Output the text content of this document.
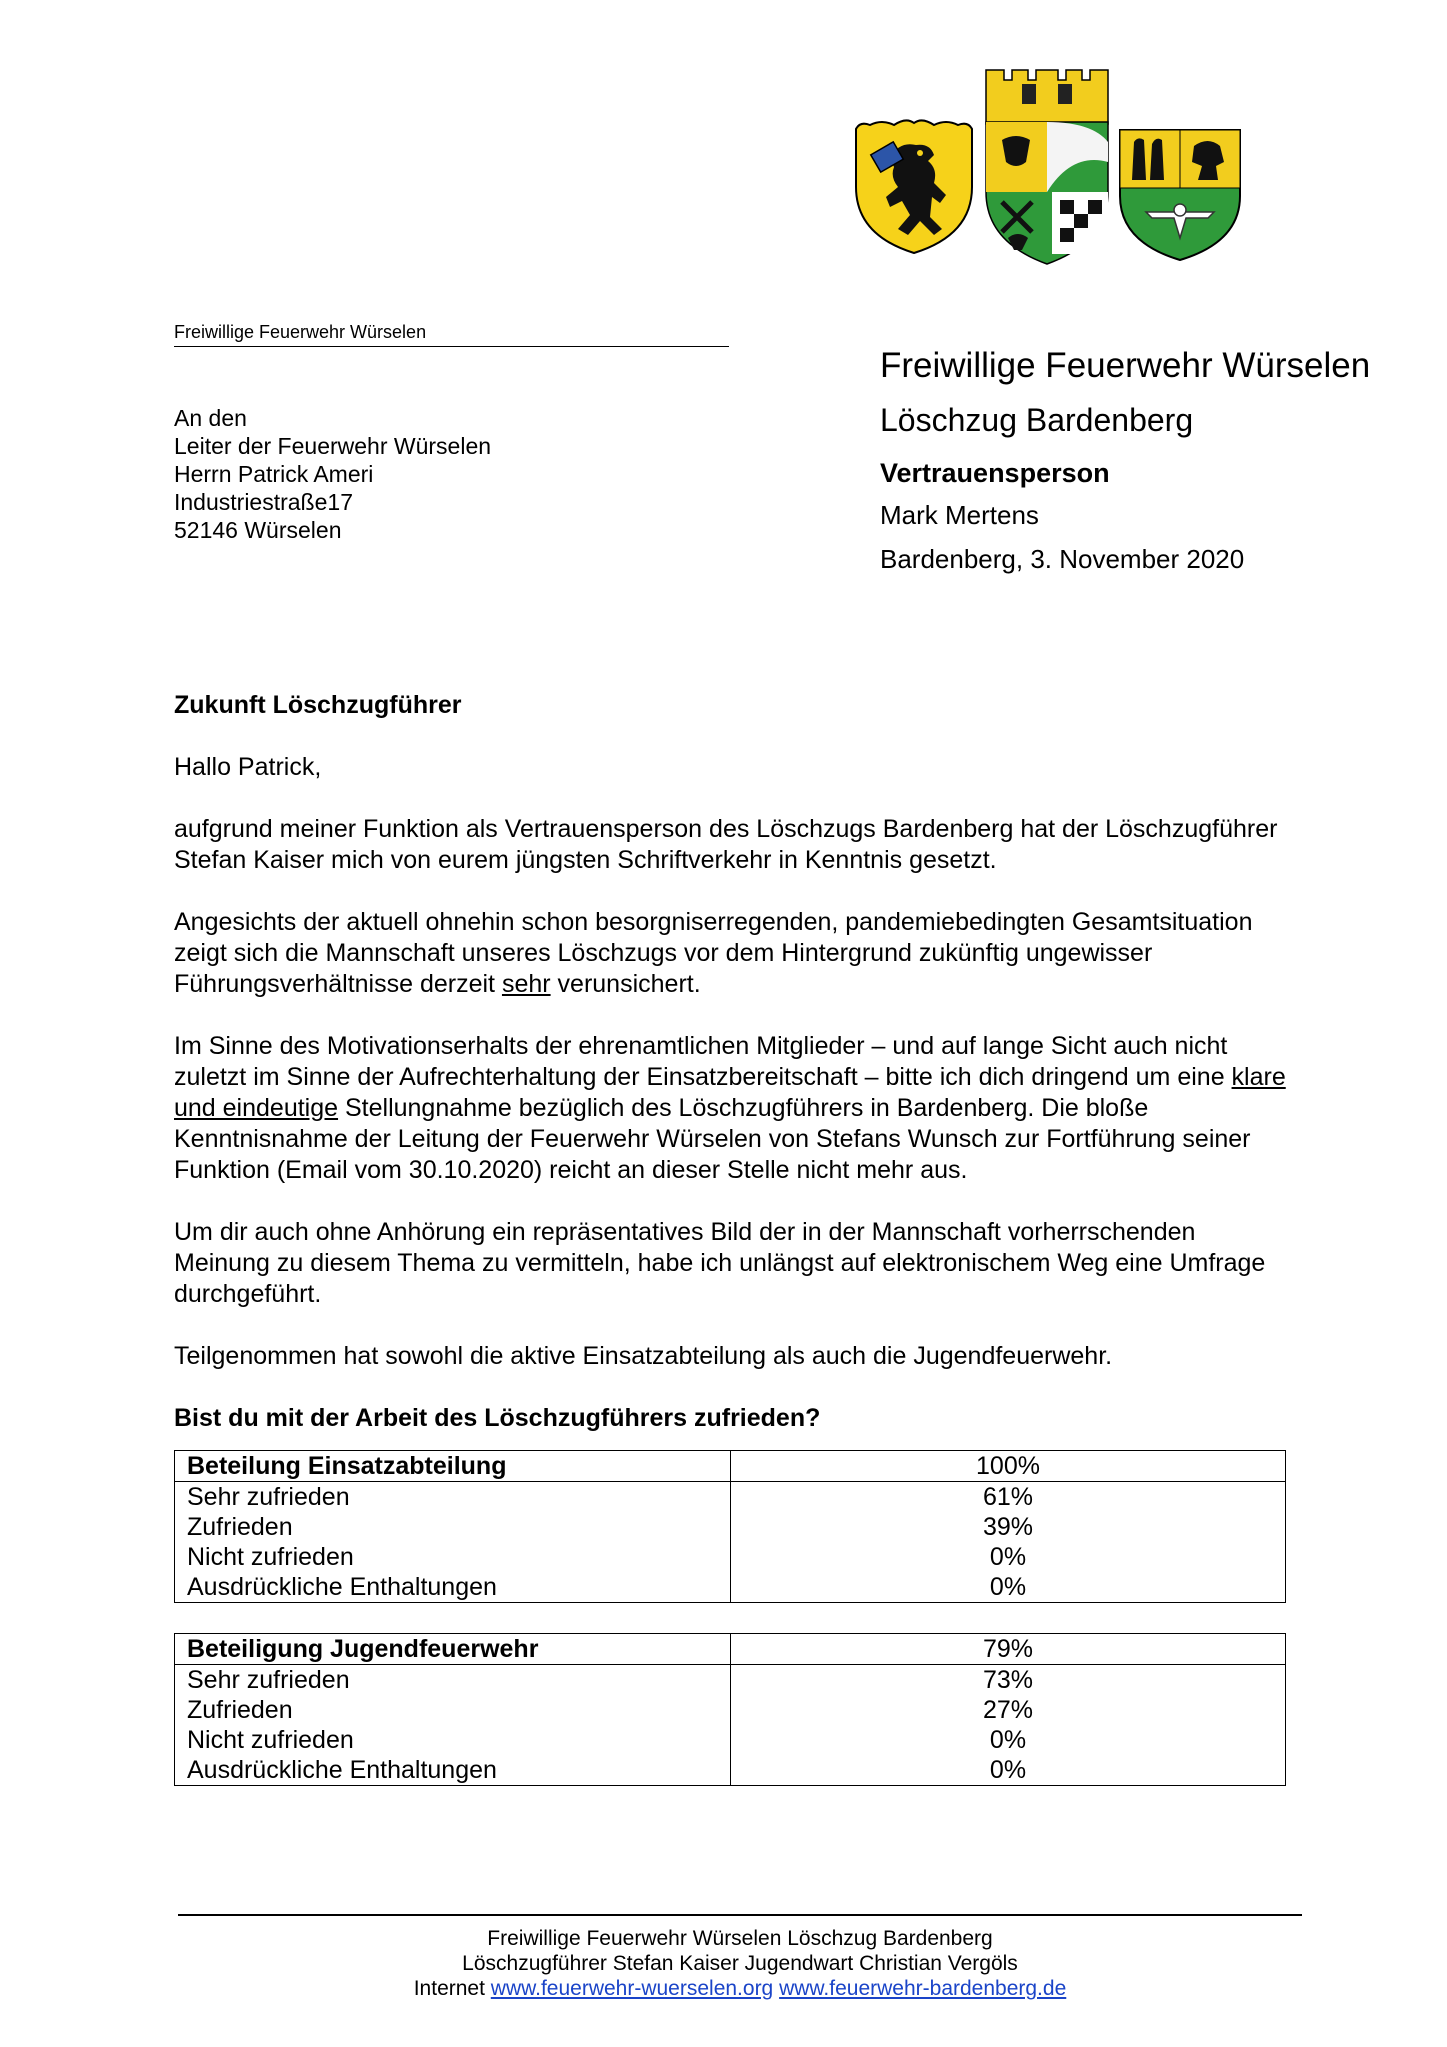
Freiwillige Feuerwehr Würselen
An den
Leiter der Feuerwehr Würselen
Herrn Patrick Ameri
Industriestraße17
52146 Würselen
Freiwillige Feuerwehr Würselen
Löschzug Bardenberg
Vertrauensperson
Mark Mertens
Bardenberg, 3. November 2020
Zukunft Löschzugführer
Hallo Patrick,
aufgrund meiner Funktion als Vertrauensperson des Löschzugs Bardenberg hat der Löschzugführer Stefan Kaiser mich von eurem jüngsten Schriftverkehr in Kenntnis gesetzt.
Angesichts der aktuell ohnehin schon besorgniserregenden, pandemiebedingten Gesamtsituation zeigt sich die Mannschaft unseres Löschzugs vor dem Hintergrund zukünftig ungewisser Führungsverhältnisse derzeit sehr verunsichert.
Im Sinne des Motivationserhalts der ehrenamtlichen Mitglieder – und auf lange Sicht auch nicht zuletzt im Sinne der Aufrechterhaltung der Einsatzbereitschaft – bitte ich dich dringend um eine klare und eindeutige Stellungnahme bezüglich des Löschzugführers in Bardenberg. Die bloße Kenntnisnahme der Leitung der Feuerwehr Würselen von Stefans Wunsch zur Fortführung seiner Funktion (Email vom 30.10.2020) reicht an dieser Stelle nicht mehr aus.
Um dir auch ohne Anhörung ein repräsentatives Bild der in der Mannschaft vorherrschenden Meinung zu diesem Thema zu vermitteln, habe ich unlängst auf elektronischem Weg eine Umfrage durchgeführt.
Teilgenommen hat sowohl die aktive Einsatzabteilung als auch die Jugendfeuerwehr.
Bist du mit der Arbeit des Löschzugführers zufrieden?
Beteilung Einsatzabteilung	100%
Sehr zufrieden	61%
Zufrieden	39%
Nicht zufrieden	0%
Ausdrückliche Enthaltungen	0%
Beteiligung Jugendfeuerwehr	79%
Sehr zufrieden	73%
Zufrieden	27%
Nicht zufrieden	0%
Ausdrückliche Enthaltungen	0%
Freiwillige Feuerwehr Würselen Löschzug Bardenberg
Löschzugführer Stefan Kaiser Jugendwart Christian Vergöls
Internet www.feuerwehr-wuerselen.org www.feuerwehr-bardenberg.de
